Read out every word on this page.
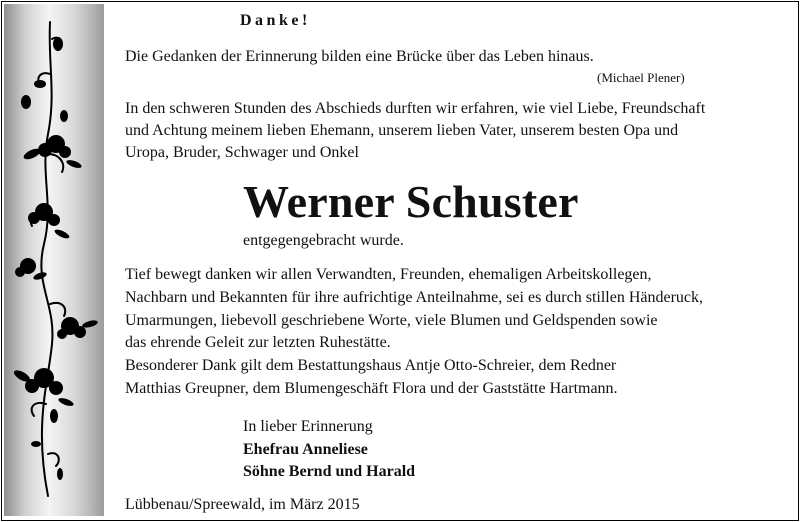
Danke!
Die Gedanken der Erinnerung bilden eine Brücke über das Leben hinaus.
(Michael Plener)
In den schweren Stunden des Abschieds durften wir erfahren, wie viel Liebe, Freundschaft
und Achtung meinem lieben Ehemann, unserem lieben Vater, unserem besten Opa und
Uropa, Bruder, Schwager und Onkel
Werner Schuster
entgegengebracht wurde.
Tief bewegt danken wir allen Verwandten, Freunden, ehemaligen Arbeitskollegen,
Nachbarn und Bekannten für ihre aufrichtige Anteilnahme, sei es durch stillen Händeruck,
Umarmungen, liebevoll geschriebene Worte, viele Blumen und Geldspenden sowie
das ehrende Geleit zur letzten Ruhestätte.
Besonderer Dank gilt dem Bestattungshaus Antje Otto-Schreier, dem Redner
Matthias Greupner, dem Blumengeschäft Flora und der Gaststätte Hartmann.
In lieber Erinnerung
Ehefrau Anneliese
Söhne Bernd und Harald
Lübbenau/Spreewald, im März 2015
